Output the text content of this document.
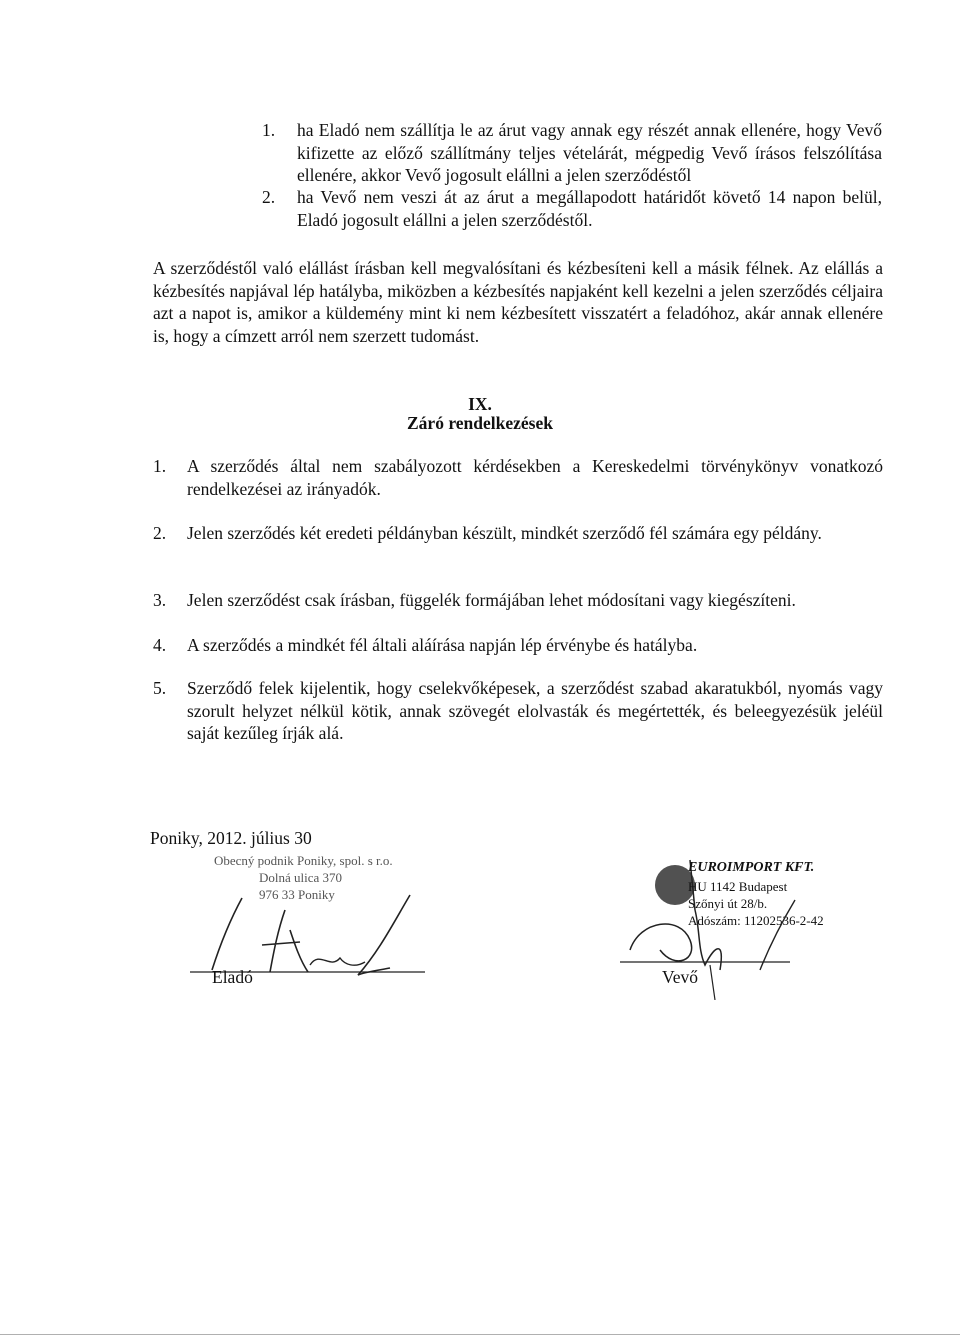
1. ha Eladó nem szállítja le az árut vagy annak egy részét annak ellenére, hogy Vevő kifizette az előző szállítmány teljes vételárát, mégpedig Vevő írásos felszólítása ellenére, akkor Vevő jogosult elállni a jelen szerződéstől
2. ha Vevő nem veszi át az árut a megállapodott határidőt követő 14 napon belül, Eladó jogosult elállni a jelen szerződéstől.
A szerződéstől való elállást írásban kell megvalósítani és kézbesíteni kell a másik félnek. Az elállás a kézbesítés napjával lép hatályba, miközben a kézbesítés napjaként kell kezelni a jelen szerződés céljaira azt a napot is, amikor a küldemény mint ki nem kézbesített visszatért a feladóhoz, akár annak ellenére is, hogy a címzett arról nem szerzett tudomást.
IX.
Záró rendelkezések
1. A szerződés által nem szabályozott kérdésekben a Kereskedelmi törvénykönyv vonatkozó rendelkezései az irányadók.
2. Jelen szerződés két eredeti példányban készült, mindkét szerződő fél számára egy példány.
3. Jelen szerződést csak írásban, függelék formájában lehet módosítani vagy kiegészíteni.
4. A szerződés a mindkét fél általi aláírása napján lép érvénybe és hatályba.
5. Szerződő felek kijelentik, hogy cselekvőképesek, a szerződést szabad akaratukból, nyomás vagy szorult helyzet nélkül kötik, annak szövegét elolvasták és megértették, és beleegyezésük jeléül saját kezűleg írják alá.
Poniky, 2012. július 30
Obecný podnik Poniky, spol. s r.o.
Dolná ulica 370
976 33 Poniky
Eladó
EUROIMPORT KFT.
HU 1142 Budapest
Szőnyi út 28/b.
Adószám: 11202536-2-42
Vevő
